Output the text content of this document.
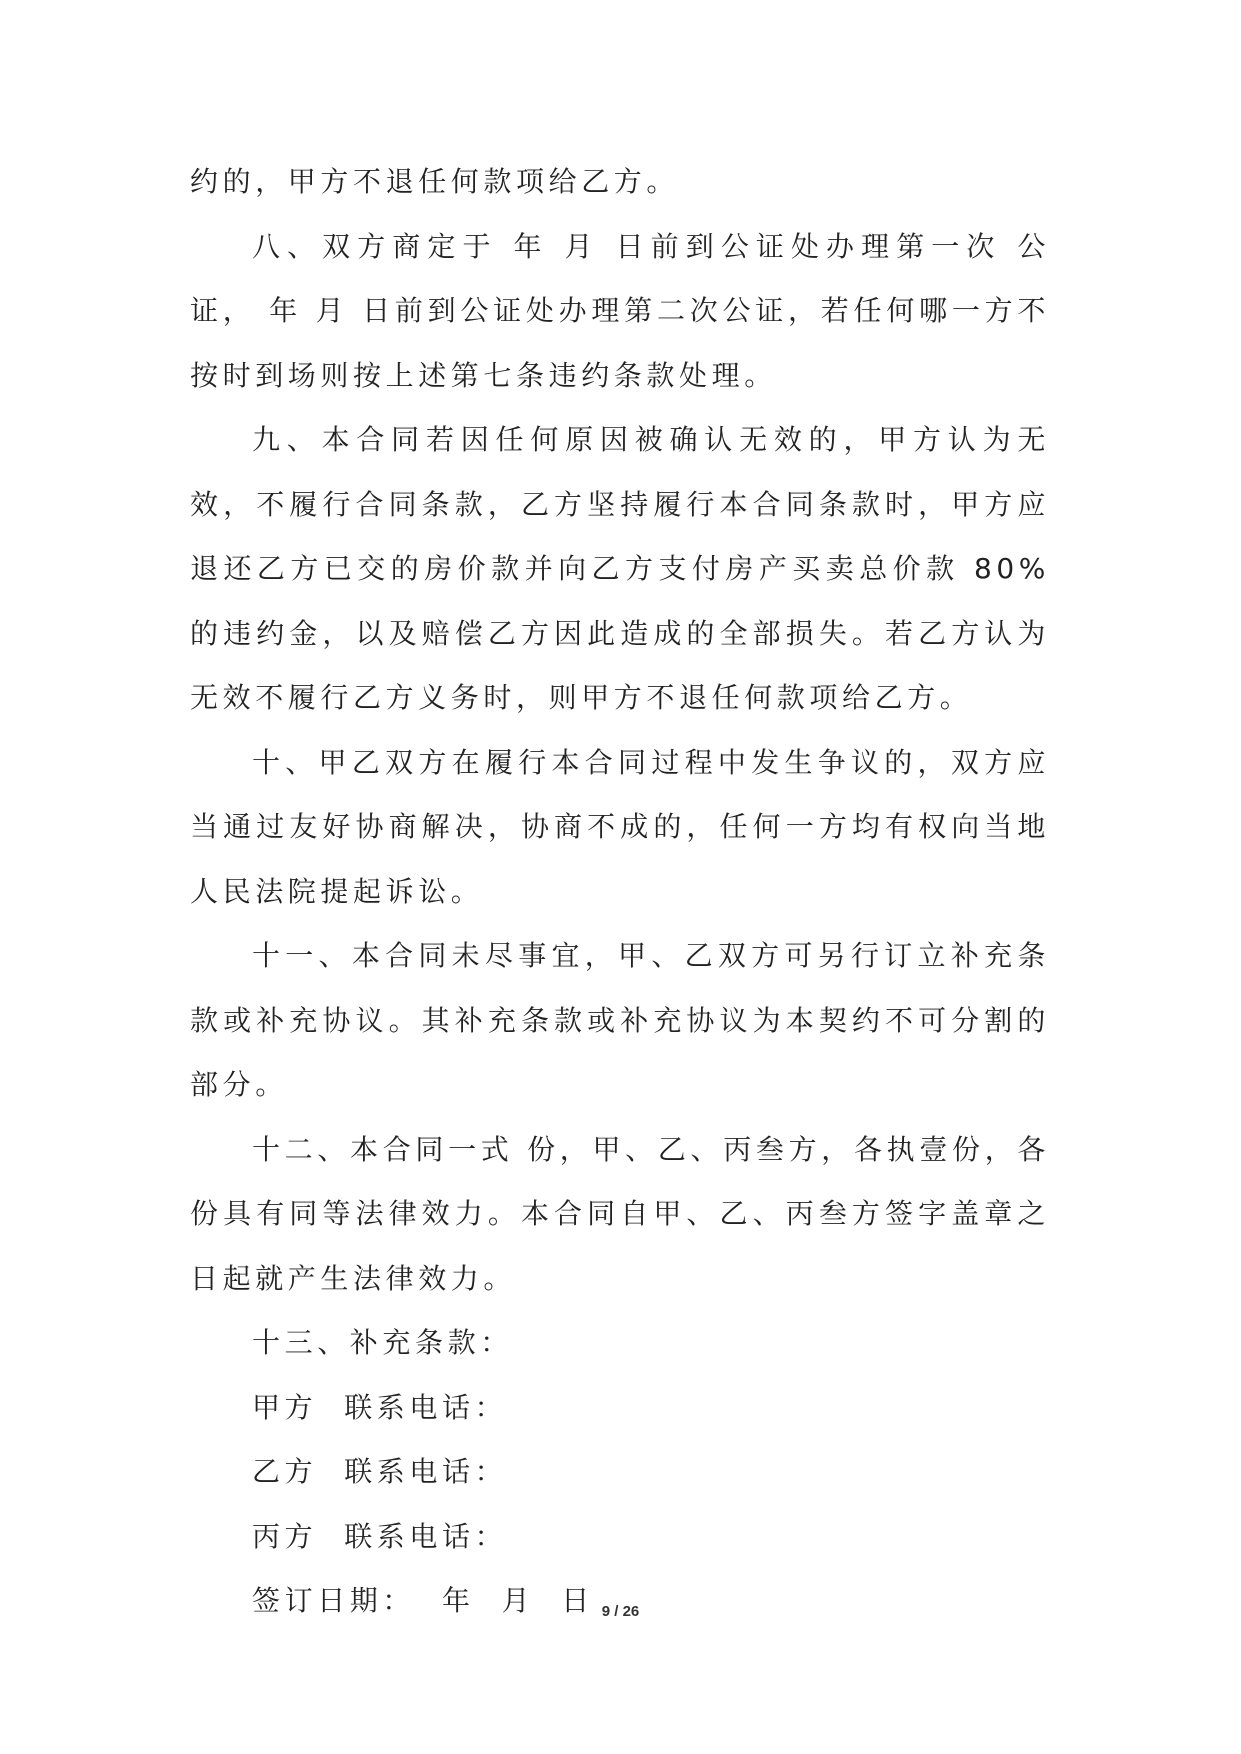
约的，甲方不退任何款项给乙方。

八、双方商定于 年 月 日前到公证处办理第一次 公证， 年 月 日前到公证处办理第二次公证，若任何哪一方不按时到场则按上述第七条违约条款处理。

九、本合同若因任何原因被确认无效的，甲方认为无效，不履行合同条款，乙方坚持履行本合同条款时，甲方应退还乙方已交的房价款并向乙方支付房产买卖总价款 80%的违约金，以及赔偿乙方因此造成的全部损失。若乙方认为无效不履行乙方义务时，则甲方不退任何款项给乙方。

十、甲乙双方在履行本合同过程中发生争议的，双方应当通过友好协商解决，协商不成的，任何一方均有权向当地人民法院提起诉讼。

十一、本合同未尽事宜，甲、乙双方可另行订立补充条款或补充协议。其补充条款或补充协议为本契约不可分割的部分。

十二、本合同一式 份，甲、乙、丙叁方，各执壹份，各份具有同等法律效力。本合同自甲、乙、丙叁方签字盖章之日起就产生法律效力。

十三、补充条款：

甲方  联系电话：

乙方  联系电话：

丙方  联系电话：

签订日期：  年  月  日 9 / 26
